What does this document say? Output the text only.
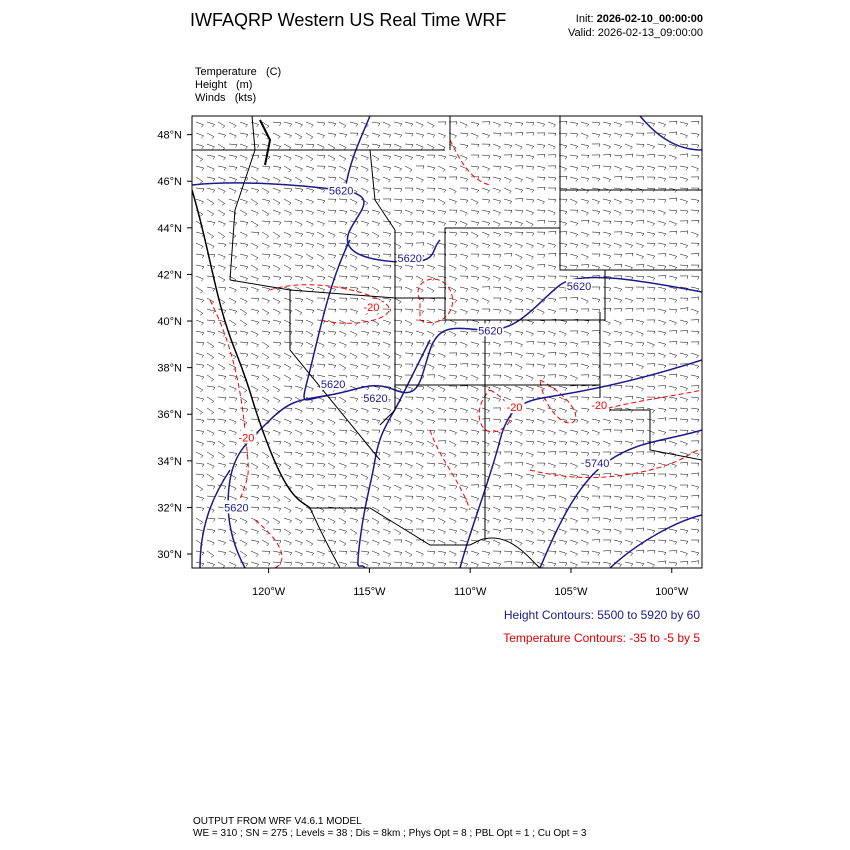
IWFAQRP Western US Real Time WRF	Init: 2026-02-10_00:00:00
Valid: 2026-02-13_09:00:00
Temperature (C)
Height (m)
Winds (kts)
48°N
46°N
44°N
42°N
40°N
38°N
36°N
34°N
32°N
30°N
120°W	115°W	110°W	105°W	100°W
5620
5620
5620
5620
5620
5620
5620
5740
-20
-20
-20	-20
Height Contours: 5500 to 5920 by 60
Temperature Contours: -35 to -5 by 5
OUTPUT FROM WRF V4.6.1 MODEL
WE = 310 ; SN = 275 ; Levels = 38 ; Dis = 8km ; Phys Opt = 8 ; PBL Opt = 1 ; Cu Opt = 3
